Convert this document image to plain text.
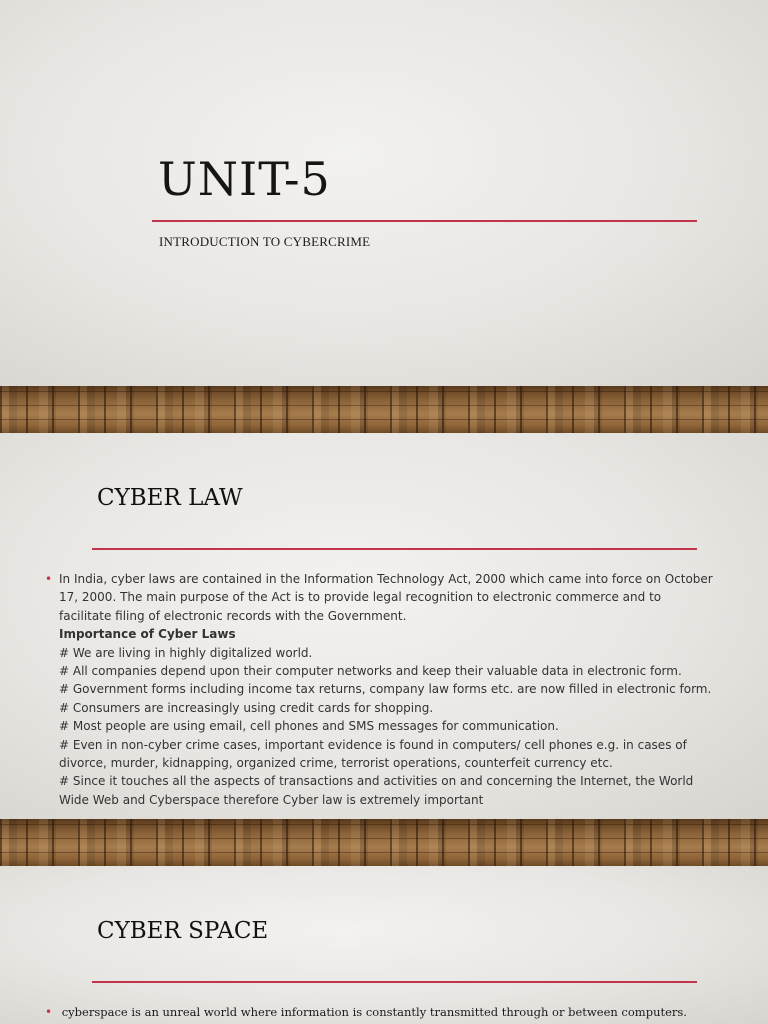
UNIT-5
INTRODUCTION TO CYBERCRIME
CYBER LAW
• In India, cyber laws are contained in the Information Technology Act, 2000 which came into force on October 17, 2000. The main purpose of the Act is to provide legal recognition to electronic commerce and to facilitate filing of electronic records with the Government.
Importance of Cyber Laws
# We are living in highly digitalized world.
# All companies depend upon their computer networks and keep their valuable data in electronic form.
# Government forms including income tax returns, company law forms etc. are now filled in electronic form.
# Consumers are increasingly using credit cards for shopping.
# Most people are using email, cell phones and SMS messages for communication.
# Even in non-cyber crime cases, important evidence is found in computers/ cell phones e.g. in cases of divorce, murder, kidnapping, organized crime, terrorist operations, counterfeit currency etc.
# Since it touches all the aspects of transactions and activities on and concerning the Internet, the World Wide Web and Cyberspace therefore Cyber law is extremely important
CYBER SPACE
• cyberspace is an unreal world where information is constantly transmitted through or between computers.
